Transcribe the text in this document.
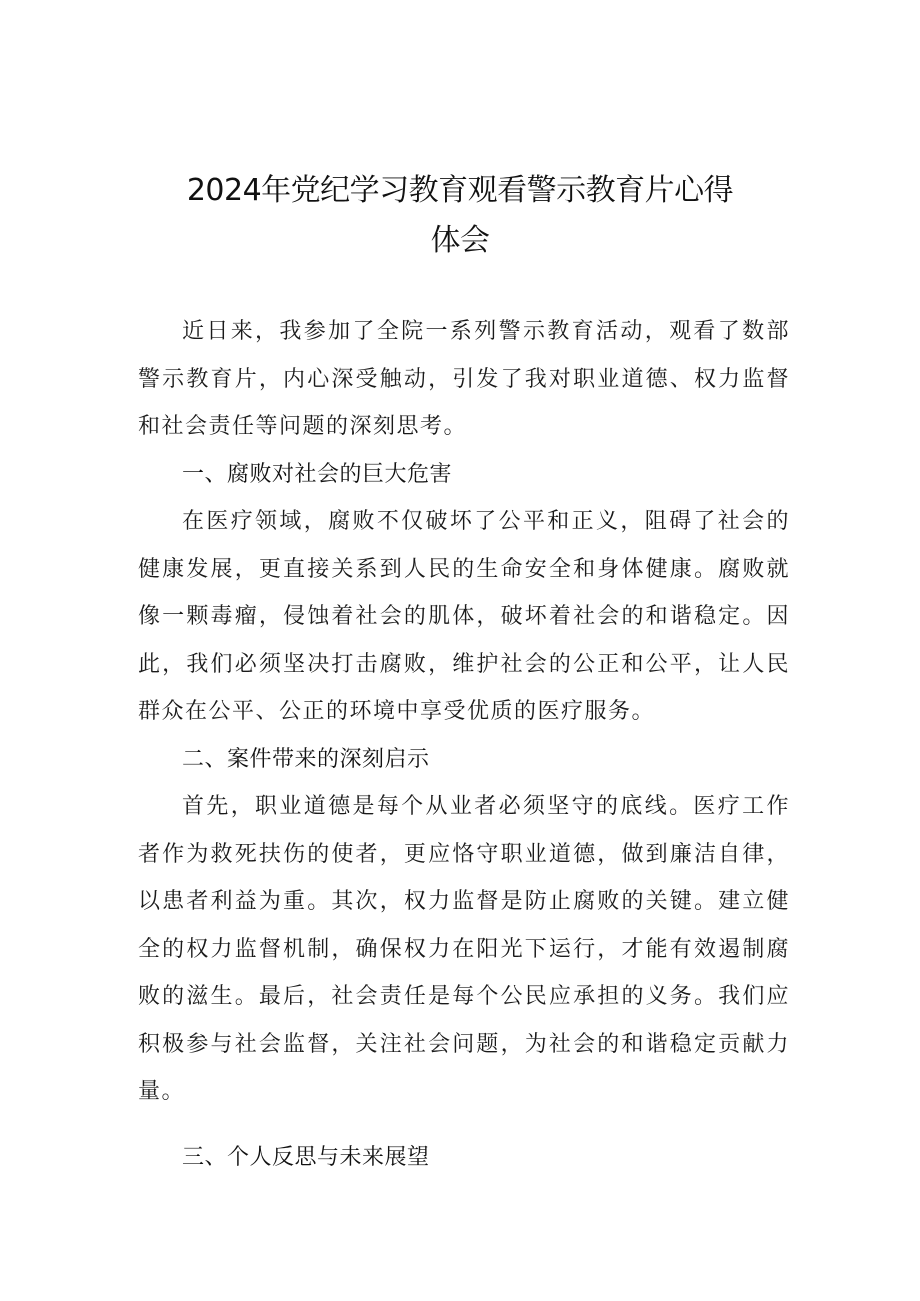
2024年党纪学习教育观看警示教育片心得
体会

近日来，我参加了全院一系列警示教育活动，观看了数部警示教育片，内心深受触动，引发了我对职业道德、权力监督和社会责任等问题的深刻思考。

一、腐败对社会的巨大危害

在医疗领域，腐败不仅破坏了公平和正义，阻碍了社会的健康发展，更直接关系到人民的生命安全和身体健康。腐败就像一颗毒瘤，侵蚀着社会的肌体，破坏着社会的和谐稳定。因此，我们必须坚决打击腐败，维护社会的公正和公平，让人民群众在公平、公正的环境中享受优质的医疗服务。

二、案件带来的深刻启示

首先，职业道德是每个从业者必须坚守的底线。医疗工作者作为救死扶伤的使者，更应恪守职业道德，做到廉洁自律，以患者利益为重。其次，权力监督是防止腐败的关键。建立健全的权力监督机制，确保权力在阳光下运行，才能有效遏制腐败的滋生。最后，社会责任是每个公民应承担的义务。我们应积极参与社会监督，关注社会问题，为社会的和谐稳定贡献力量。

三、个人反思与未来展望
